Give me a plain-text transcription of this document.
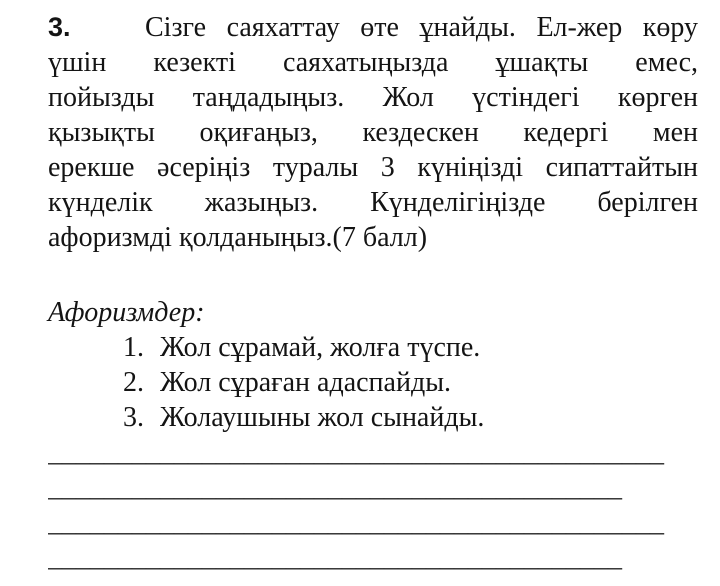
3.	Сізге саяхаттау өте ұнайды. Ел-жер көру
үшін кезекті саяхатыңызда ұшақты емес,
пойызды таңдадыңыз. Жол үстіндегі көрген
қызықты оқиғаңыз, кездескен кедергі мен
ерекше әсеріңіз туралы 3 күніңізді сипаттайтын
күнделік жазыңыз. Күнделігіңізде берілген
афоризмді қолданыңыз.(7 балл)
Афоризмдер:
1. Жол сұрамай, жолға түспе.
2. Жол сұраған адаспайды.
3. Жолаушыны жол сынайды.
____________________________________________
_________________________________________
____________________________________________
_________________________________________
